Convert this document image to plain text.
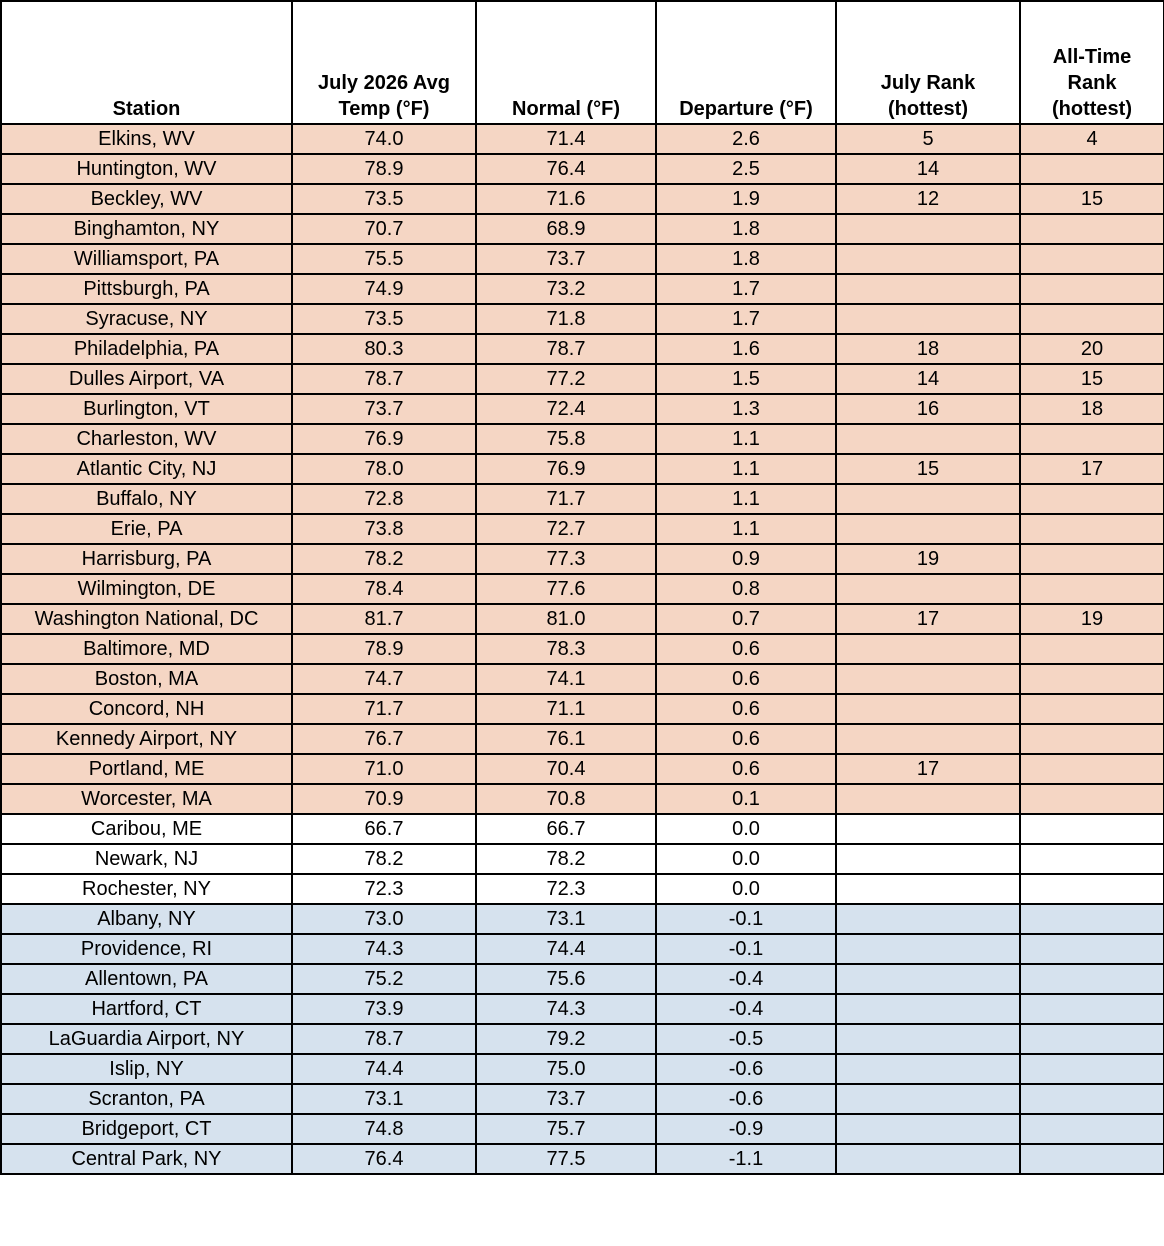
Station	July 2026 Avg Temp (°F)	Normal (°F)	Departure (°F)	July Rank (hottest)	All-Time Rank (hottest)
Elkins, WV	74.0	71.4	2.6	5	4
Huntington, WV	78.9	76.4	2.5	14	
Beckley, WV	73.5	71.6	1.9	12	15
Binghamton, NY	70.7	68.9	1.8		
Williamsport, PA	75.5	73.7	1.8		
Pittsburgh, PA	74.9	73.2	1.7		
Syracuse, NY	73.5	71.8	1.7		
Philadelphia, PA	80.3	78.7	1.6	18	20
Dulles Airport, VA	78.7	77.2	1.5	14	15
Burlington, VT	73.7	72.4	1.3	16	18
Charleston, WV	76.9	75.8	1.1		
Atlantic City, NJ	78.0	76.9	1.1	15	17
Buffalo, NY	72.8	71.7	1.1		
Erie, PA	73.8	72.7	1.1		
Harrisburg, PA	78.2	77.3	0.9	19	
Wilmington, DE	78.4	77.6	0.8		
Washington National, DC	81.7	81.0	0.7	17	19
Baltimore, MD	78.9	78.3	0.6		
Boston, MA	74.7	74.1	0.6		
Concord, NH	71.7	71.1	0.6		
Kennedy Airport, NY	76.7	76.1	0.6		
Portland, ME	71.0	70.4	0.6	17	
Worcester, MA	70.9	70.8	0.1		
Caribou, ME	66.7	66.7	0.0		
Newark, NJ	78.2	78.2	0.0		
Rochester, NY	72.3	72.3	0.0		
Albany, NY	73.0	73.1	-0.1		
Providence, RI	74.3	74.4	-0.1		
Allentown, PA	75.2	75.6	-0.4		
Hartford, CT	73.9	74.3	-0.4		
LaGuardia Airport, NY	78.7	79.2	-0.5		
Islip, NY	74.4	75.0	-0.6		
Scranton, PA	73.1	73.7	-0.6		
Bridgeport, CT	74.8	75.7	-0.9		
Central Park, NY	76.4	77.5	-1.1		
